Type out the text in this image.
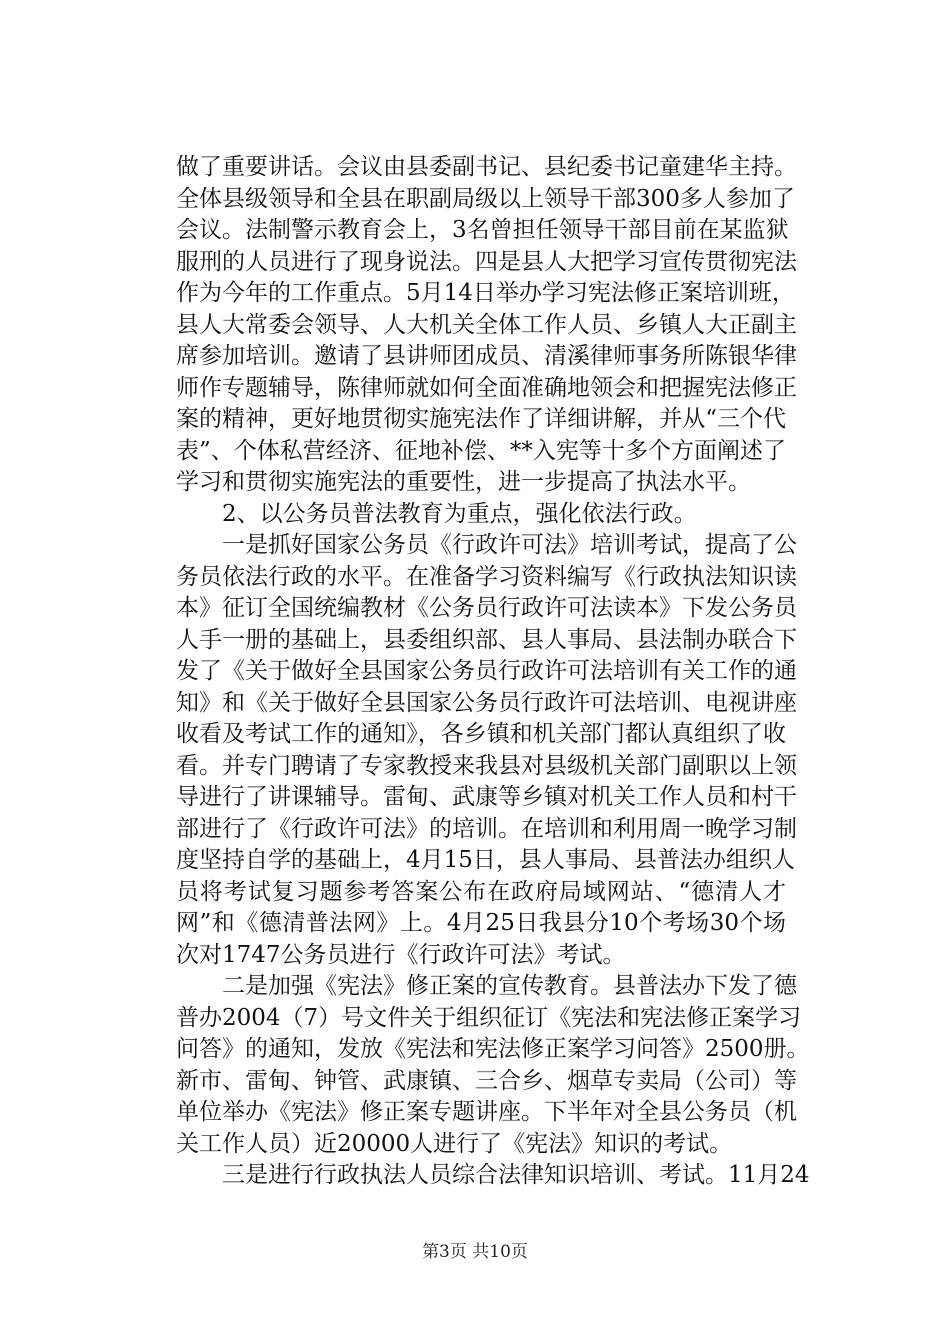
做了重要讲话。会议由县委副书记、县纪委书记童建华主持。
全体县级领导和全县在职副局级以上领导干部300多人参加了
会议。法制警示教育会上，3名曾担任领导干部目前在某监狱
服刑的人员进行了现身说法。四是县人大把学习宣传贯彻宪法
作为今年的工作重点。5月14日举办学习宪法修正案培训班，
县人大常委会领导、人大机关全体工作人员、乡镇人大正副主
席参加培训。邀请了县讲师团成员、清溪律师事务所陈银华律
师作专题辅导，陈律师就如何全面准确地领会和把握宪法修正
案的精神，更好地贯彻实施宪法作了详细讲解，并从“三个代
表”、个体私营经济、征地补偿、**入宪等十多个方面阐述了
学习和贯彻实施宪法的重要性，进一步提高了执法水平。
　　2、以公务员普法教育为重点，强化依法行政。
　　一是抓好国家公务员《行政许可法》培训考试，提高了公
务员依法行政的水平。在准备学习资料编写《行政执法知识读
本》征订全国统编教材《公务员行政许可法读本》下发公务员
人手一册的基础上，县委组织部、县人事局、县法制办联合下
发了《关于做好全县国家公务员行政许可法培训有关工作的通
知》和《关于做好全县国家公务员行政许可法培训、电视讲座
收看及考试工作的通知》，各乡镇和机关部门都认真组织了收
看。并专门聘请了专家教授来我县对县级机关部门副职以上领
导进行了讲课辅导。雷甸、武康等乡镇对机关工作人员和村干
部进行了《行政许可法》的培训。在培训和利用周一晚学习制
度坚持自学的基础上，4月15日，县人事局、县普法办组织人
员将考试复习题参考答案公布在政府局域网站、“德清人才
网”和《德清普法网》上。4月25日我县分10个考场30个场
次对1747公务员进行《行政许可法》考试。
　　二是加强《宪法》修正案的宣传教育。县普法办下发了德
普办2004（7）号文件关于组织征订《宪法和宪法修正案学习
问答》的通知，发放《宪法和宪法修正案学习问答》2500册。
新市、雷甸、钟管、武康镇、三合乡、烟草专卖局（公司）等
单位举办《宪法》修正案专题讲座。下半年对全县公务员（机
关工作人员）近20000人进行了《宪法》知识的考试。
　　三是进行行政执法人员综合法律知识培训、考试。11月24
第3页 共10页
